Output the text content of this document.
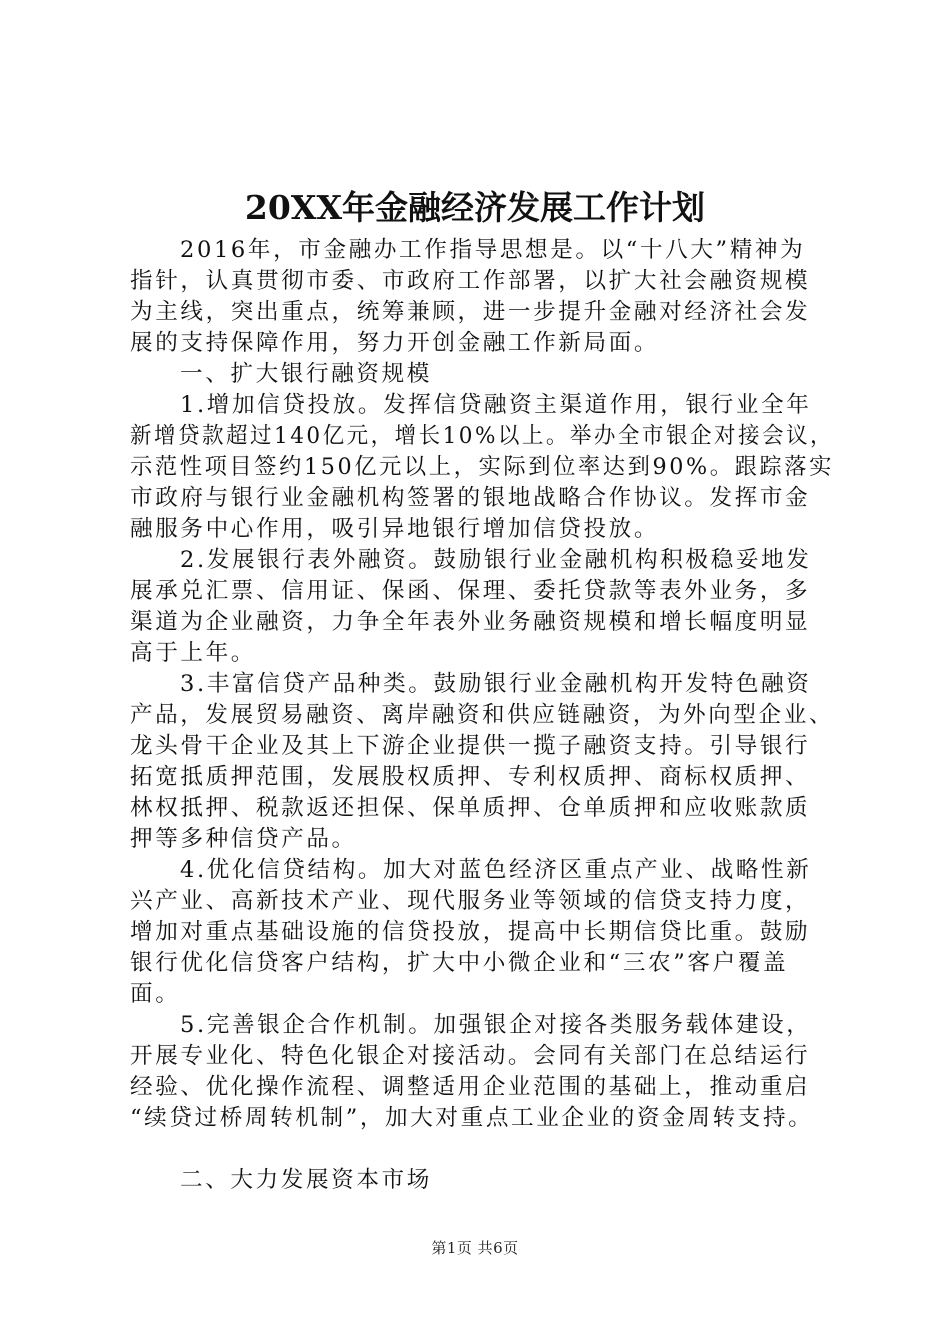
20XX年金融经济发展工作计划
2016年，市金融办工作指导思想是。以“十八大”精神为
指针，认真贯彻市委、市政府工作部署，以扩大社会融资规模
为主线，突出重点，统筹兼顾，进一步提升金融对经济社会发
展的支持保障作用，努力开创金融工作新局面。
一、扩大银行融资规模
1.增加信贷投放。发挥信贷融资主渠道作用，银行业全年
新增贷款超过140亿元，增长10%以上。举办全市银企对接会议，
示范性项目签约150亿元以上，实际到位率达到90%。跟踪落实
市政府与银行业金融机构签署的银地战略合作协议。发挥市金
融服务中心作用，吸引异地银行增加信贷投放。
2.发展银行表外融资。鼓励银行业金融机构积极稳妥地发
展承兑汇票、信用证、保函、保理、委托贷款等表外业务，多
渠道为企业融资，力争全年表外业务融资规模和增长幅度明显
高于上年。
3.丰富信贷产品种类。鼓励银行业金融机构开发特色融资
产品，发展贸易融资、离岸融资和供应链融资，为外向型企业、
龙头骨干企业及其上下游企业提供一揽子融资支持。引导银行
拓宽抵质押范围，发展股权质押、专利权质押、商标权质押、
林权抵押、税款返还担保、保单质押、仓单质押和应收账款质
押等多种信贷产品。
4.优化信贷结构。加大对蓝色经济区重点产业、战略性新
兴产业、高新技术产业、现代服务业等领域的信贷支持力度，
增加对重点基础设施的信贷投放，提高中长期信贷比重。鼓励
银行优化信贷客户结构，扩大中小微企业和“三农”客户覆盖
面。
5.完善银企合作机制。加强银企对接各类服务载体建设，
开展专业化、特色化银企对接活动。会同有关部门在总结运行
经验、优化操作流程、调整适用企业范围的基础上，推动重启
“续贷过桥周转机制”，加大对重点工业企业的资金周转支持。
二、大力发展资本市场
第1页 共6页
